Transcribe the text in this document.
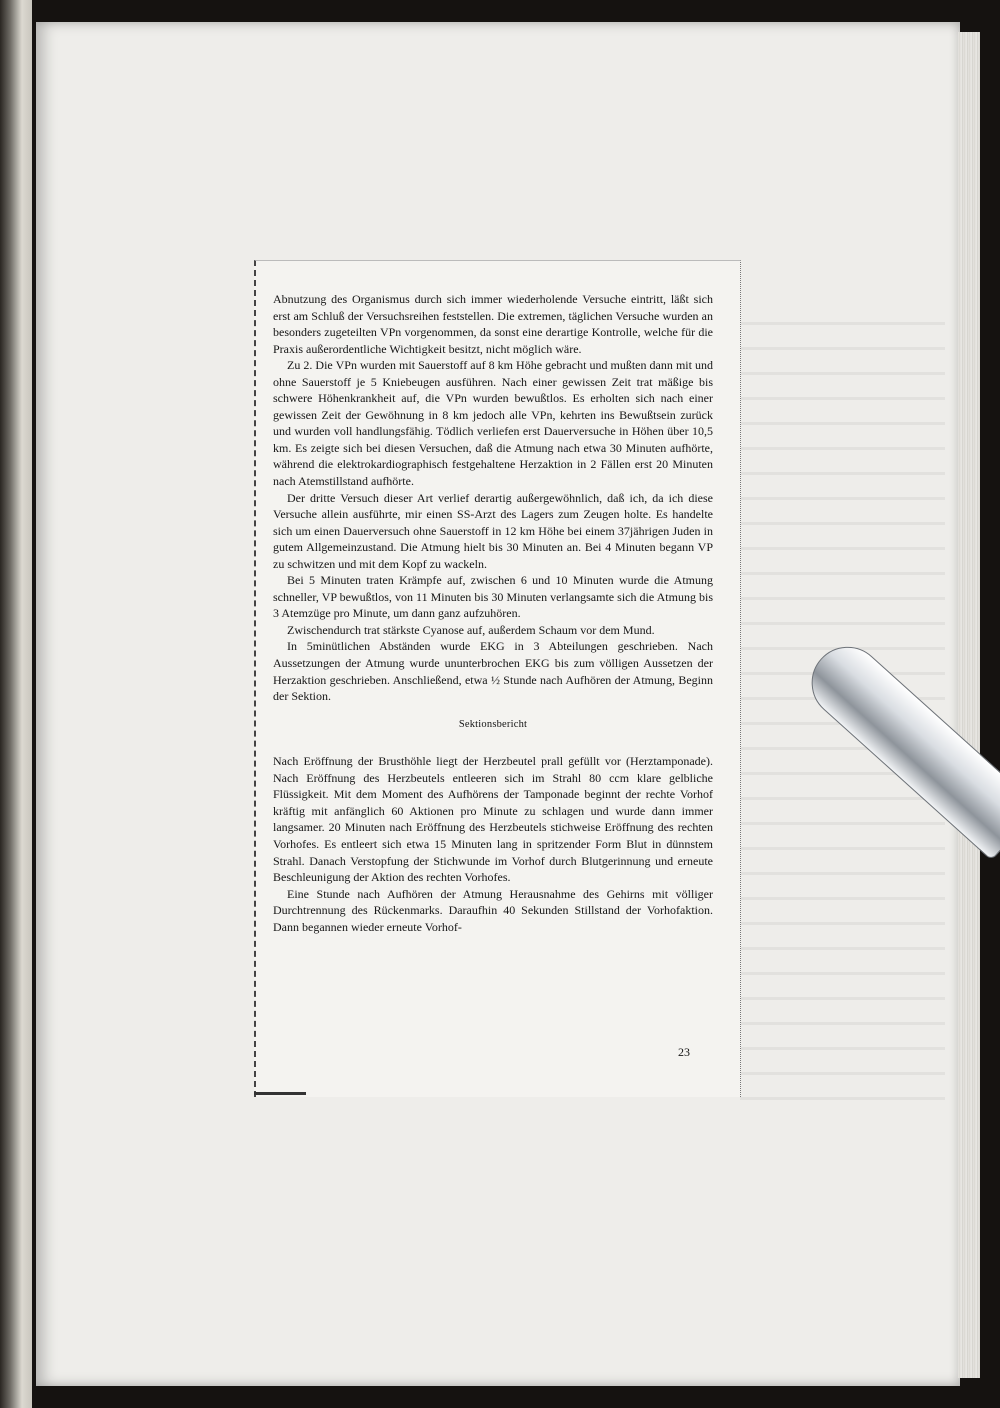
Abnutzung des Organismus durch sich immer wiederholende Versuche eintritt, läßt sich erst am Schluß der Versuchsreihen feststellen. Die extremen, täglichen Versuche wurden an besonders zugeteilten VPn vorgenommen, da sonst eine derartige Kontrolle, welche für die Praxis außerordentliche Wichtigkeit besitzt, nicht möglich wäre.

Zu 2. Die VPn wurden mit Sauerstoff auf 8 km Höhe gebracht und mußten dann mit und ohne Sauerstoff je 5 Kniebeugen ausführen. Nach einer gewissen Zeit trat mäßige bis schwere Höhenkrankheit auf, die VPn wurden bewußtlos. Es erholten sich nach einer gewissen Zeit der Gewöhnung in 8 km jedoch alle VPn, kehrten ins Bewußtsein zurück und wurden voll handlungsfähig. Tödlich verliefen erst Dauerversuche in Höhen über 10,5 km. Es zeigte sich bei diesen Versuchen, daß die Atmung nach etwa 30 Minuten aufhörte, während die elektrokardiographisch festgehaltene Herzaktion in 2 Fällen erst 20 Minuten nach Atemstillstand aufhörte.

Der dritte Versuch dieser Art verlief derartig außergewöhnlich, daß ich, da ich diese Versuche allein ausführte, mir einen SS-Arzt des Lagers zum Zeugen holte. Es handelte sich um einen Dauerversuch ohne Sauerstoff in 12 km Höhe bei einem 37jährigen Juden in gutem Allgemeinzustand. Die Atmung hielt bis 30 Minuten an. Bei 4 Minuten begann VP zu schwitzen und mit dem Kopf zu wackeln.

Bei 5 Minuten traten Krämpfe auf, zwischen 6 und 10 Minuten wurde die Atmung schneller, VP bewußtlos, von 11 Minuten bis 30 Minuten verlangsamte sich die Atmung bis 3 Atemzüge pro Minute, um dann ganz aufzuhören.

Zwischendurch trat stärkste Cyanose auf, außerdem Schaum vor dem Mund.

In 5minütlichen Abständen wurde EKG in 3 Abteilungen geschrieben. Nach Aussetzungen der Atmung wurde ununterbrochen EKG bis zum völligen Aussetzen der Herzaktion geschrieben. Anschließend, etwa ½ Stunde nach Aufhören der Atmung, Beginn der Sektion.

Sektionsbericht

Nach Eröffnung der Brusthöhle liegt der Herzbeutel prall gefüllt vor (Herztamponade). Nach Eröffnung des Herzbeutels entleeren sich im Strahl 80 ccm klare gelbliche Flüssigkeit. Mit dem Moment des Aufhörens der Tamponade beginnt der rechte Vorhof kräftig mit anfänglich 60 Aktionen pro Minute zu schlagen und wurde dann immer langsamer. 20 Minuten nach Eröffnung des Herzbeutels stichweise Eröffnung des rechten Vorhofes. Es entleert sich etwa 15 Minuten lang in spritzender Form Blut in dünnstem Strahl. Danach Verstopfung der Stichwunde im Vorhof durch Blutgerinnung und erneute Beschleunigung der Aktion des rechten Vorhofes.

Eine Stunde nach Aufhören der Atmung Herausnahme des Gehirns mit völliger Durchtrennung des Rückenmarks. Daraufhin 40 Sekunden Stillstand der Vorhofaktion. Dann begannen wieder erneute Vorhof-

23
